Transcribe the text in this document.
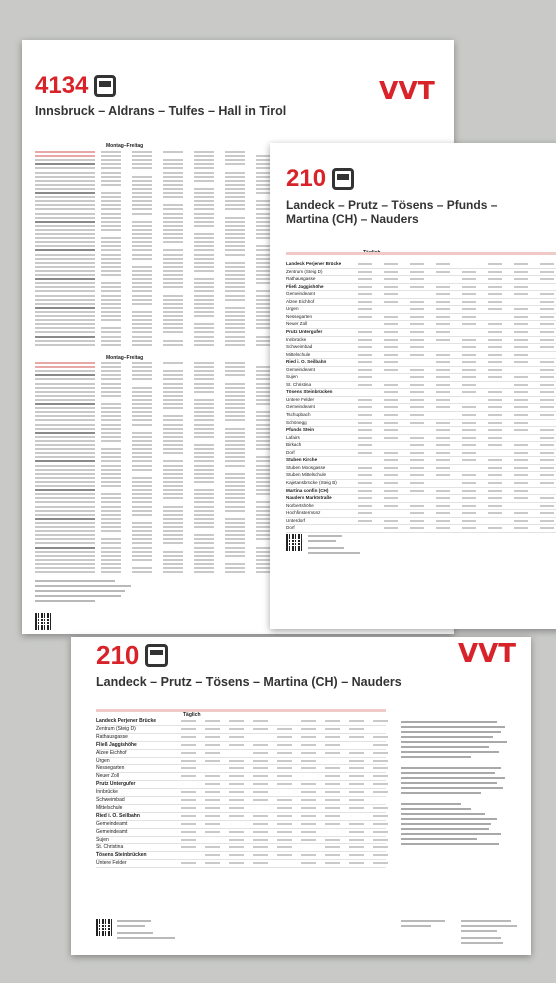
4134	VVT
Innsbruck – Aldrans – Tulfes – Hall in Tirol
Montag–Freitag
Montag–Freitag
210
Landeck – Prutz – Tösens – Pfunds –
Martina (CH) – Nauders
Landeck Perjener Brücke
Zentrum (Steig D)
Rathausgasse
Fließ Jaggishöhe
Gemeindeamt
Alzee Eichhof
Urgen
Nessegarten
Neuer Zoll
Prutz Untergufer
Innbrücke
Schweimbad
Mittelschule
Ried i. O. Seilbahn
Gemeindeamt
Sujen
St. Christina
Tösens Steinbrücken
Untere Felder
Gemeindeamt
Tschupbach
Schönegg
Pfunds Stein
Lafairs
Birkach
Dorf
Stuben Kirche
Stuben Moosgasse
Stuben Mittelschule
Kajetansbrücke (Steig B)
Martina confin (CH)
Nauders Marktstraße
Norbertshöhe
Hochfinstermünz
Unterdorf
Dorf
210	VVT
Landeck – Prutz – Tösens – Martina (CH) – Nauders
Täglich
Landeck Perjener Brücke
Zentrum (Steig D)
Rathausgasse
Fließ Jaggishöhe
Alzee Eichhof
Urgen
Nessegarten
Neuer Zoll
Prutz Untergufer
Innbrücke
Schweimbad
Mittelschule
Ried i. O. Seilbahn
Gemeindeamt
Gemeindeamt
Sujen
St. Christina
Tösens Steinbrücken
Untere Felder
